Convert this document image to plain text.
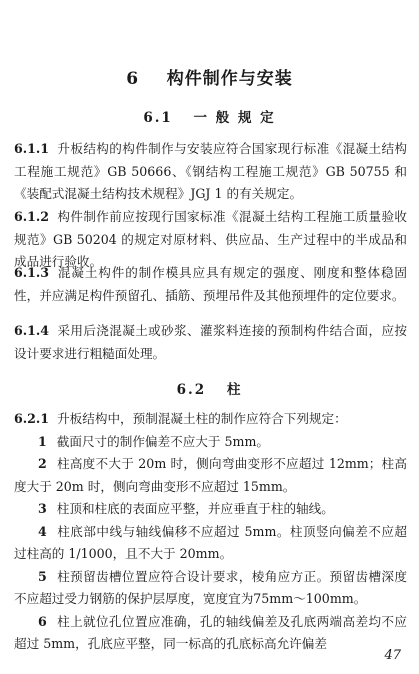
6 构件制作与安装
6.1 一 般 规 定
6.1.1 升板结构的构件制作与安装应符合国家现行标准《混凝土结构工程施工规范》GB 50666、《钢结构工程施工规范》GB 50755 和《装配式混凝土结构技术规程》JGJ 1 的有关规定。
6.1.2 构件制作前应按现行国家标准《混凝土结构工程施工质量验收规范》GB 50204 的规定对原材料、供应品、生产过程中的半成品和成品进行验收。
6.1.3 混凝土构件的制作模具应具有规定的强度、刚度和整体稳固性，并应满足构件预留孔、插筋、预埋吊件及其他预埋件的定位要求。
6.1.4 采用后浇混凝土或砂浆、灌浆料连接的预制构件结合面，应按设计要求进行粗糙面处理。
6.2 柱
6.2.1 升板结构中，预制混凝土柱的制作应符合下列规定：
1 截面尺寸的制作偏差不应大于 5mm。
2 柱高度不大于 20m 时，侧向弯曲变形不应超过 12mm；柱高度大于 20m 时，侧向弯曲变形不应超过 15mm。
3 柱顶和柱底的表面应平整，并应垂直于柱的轴线。
4 柱底部中线与轴线偏移不应超过 5mm。柱顶竖向偏差不应超过柱高的 1/1000，且不大于 20mm。
5 柱预留齿槽位置应符合设计要求，棱角应方正。预留齿槽深度不应超过受力钢筋的保护层厚度，宽度宜为75mm～100mm。
6 柱上就位孔位置应准确，孔的轴线偏差及孔底两端高差均不应超过 5mm，孔底应平整，同一标高的孔底标高允许偏差
47
